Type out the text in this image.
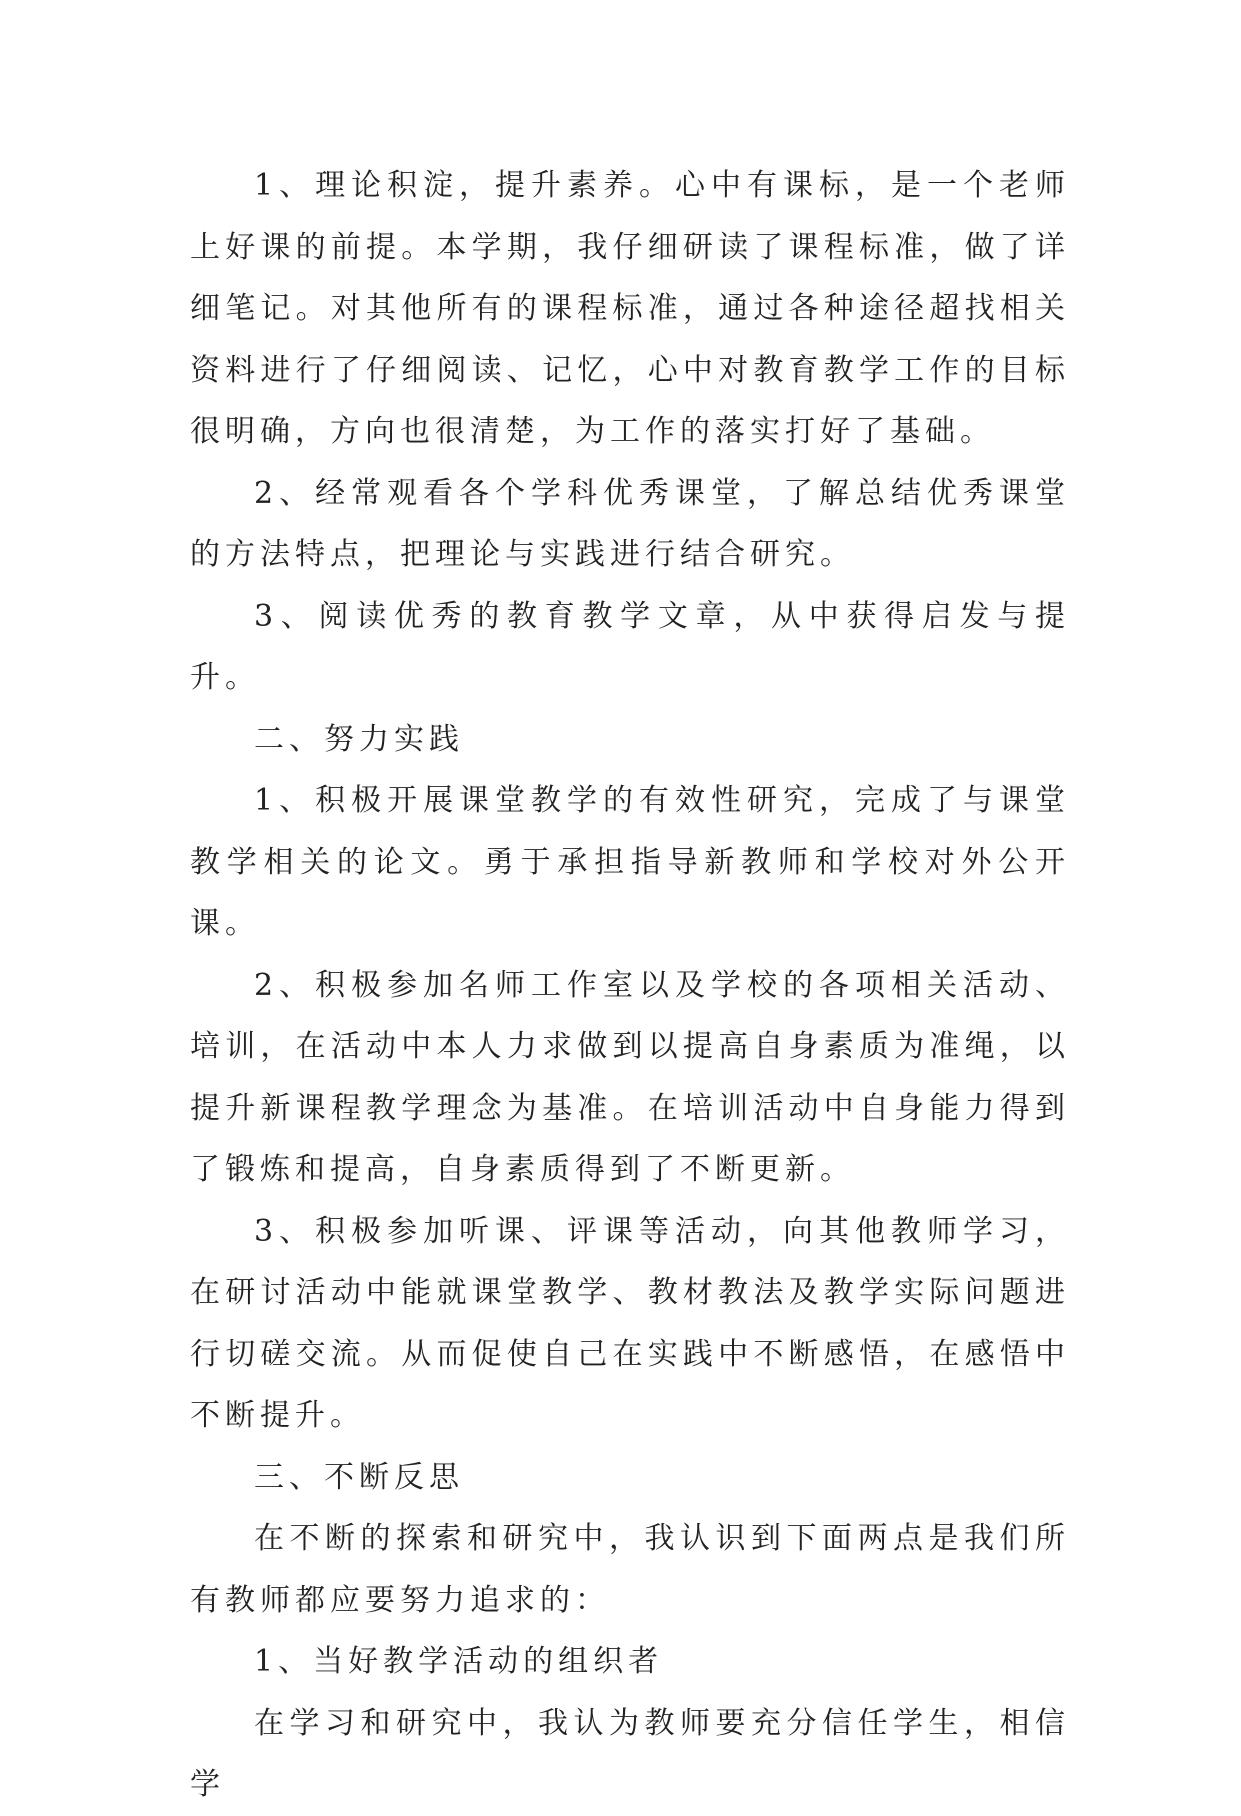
1、理论积淀，提升素养。心中有课标，是一个老师上好课的前提。本学期，我仔细研读了课程标准，做了详细笔记。对其他所有的课程标准，通过各种途径超找相关资料进行了仔细阅读、记忆，心中对教育教学工作的目标很明确，方向也很清楚，为工作的落实打好了基础。

2、经常观看各个学科优秀课堂，了解总结优秀课堂的方法特点，把理论与实践进行结合研究。

3、阅读优秀的教育教学文章，从中获得启发与提升。

二、努力实践

1、积极开展课堂教学的有效性研究，完成了与课堂教学相关的论文。勇于承担指导新教师和学校对外公开课。

2、积极参加名师工作室以及学校的各项相关活动、培训，在活动中本人力求做到以提高自身素质为准绳，以提升新课程教学理念为基准。在培训活动中自身能力得到了锻炼和提高，自身素质得到了不断更新。

3、积极参加听课、评课等活动，向其他教师学习，在研讨活动中能就课堂教学、教材教法及教学实际问题进行切磋交流。从而促使自己在实践中不断感悟，在感悟中不断提升。

三、不断反思

在不断的探索和研究中，我认识到下面两点是我们所有教师都应要努力追求的：

1、当好教学活动的组织者

在学习和研究中，我认为教师要充分信任学生，相信学
